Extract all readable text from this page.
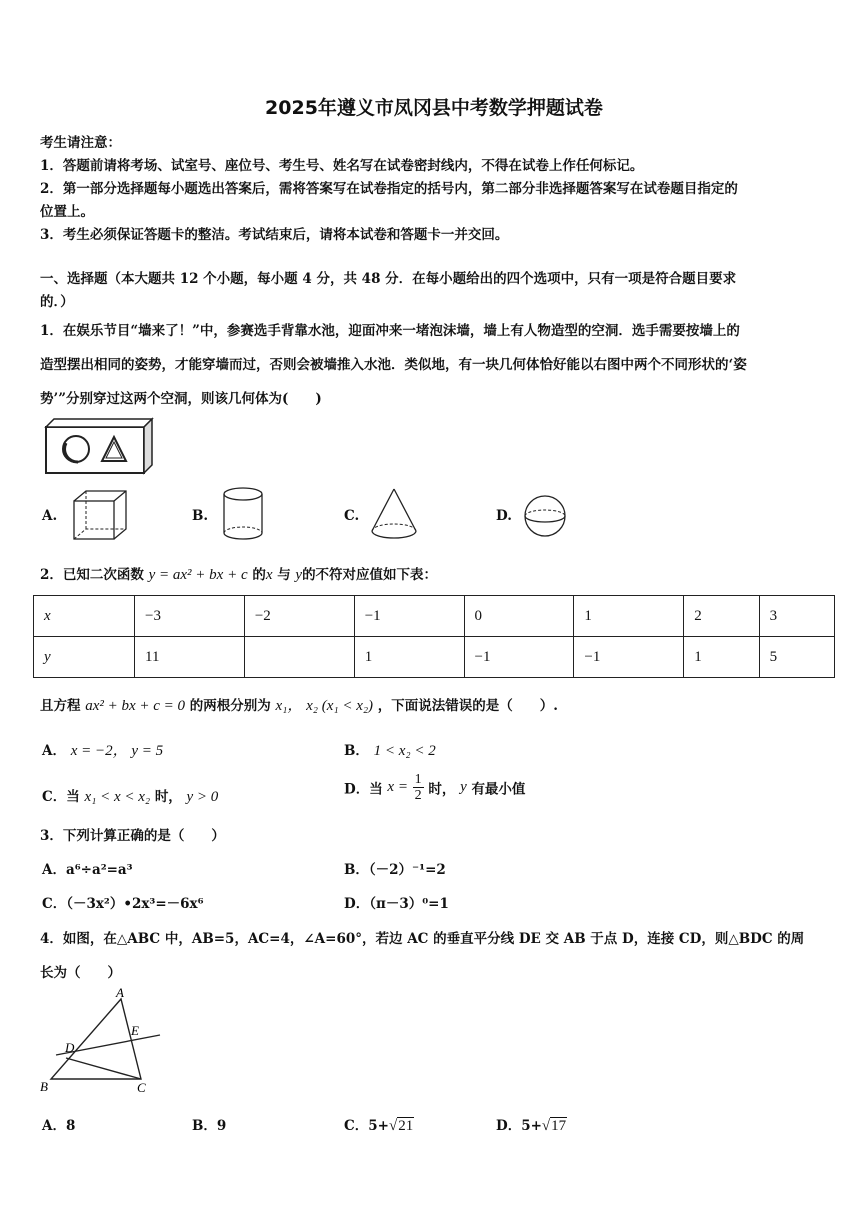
2025年遵义市凤冈县中考数学押题试卷
考生请注意：
1．答题前请将考场、试室号、座位号、考生号、姓名写在试卷密封线内，不得在试卷上作任何标记。
2．第一部分选择题每小题选出答案后，需将答案写在试卷指定的括号内，第二部分非选择题答案写在试卷题目指定的
位置上。
3．考生必须保证答题卡的整洁。考试结束后，请将本试卷和答题卡一并交回。
一、选择题（本大题共 12 个小题，每小题 4 分，共 48 分．在每小题给出的四个选项中，只有一项是符合题目要求
的．）
1．在娱乐节目“墙来了！”中，参赛选手背靠水池，迎面冲来一堵泡沫墙，墙上有人物造型的空洞．选手需要按墙上的
造型摆出相同的姿势，才能穿墙而过，否则会被墙推入水池．类似地，有一块几何体恰好能以右图中两个不同形状的‘姿
势’”分别穿过这两个空洞，则该几何体为(　　)
A.	B.	C.	D.
2．已知二次函数 y = ax² + bx + c 的x 与 y的不符对应值如下表：
x	−3	−2	−1	0	1	2	3
y	11		1	−1	−1	1	5
且方程 ax² + bx + c = 0 的两根分别为 x₁， x₂ (x₁ < x₂) ，下面说法错误的是（　　）.
A． x = −2， y = 5	B． 1 < x₂ < 2
C．当 x₁ < x < x₂ 时， y > 0	D．当 $x = \frac{1}{2}$ 时， y 有最小值
3．下列计算正确的是（　　）
A．a⁶÷a²=a³	B．（－2）⁻¹=2
C．（－3x²）•2x³=－6x⁶	D．（π－3）⁰=1
4．如图，在△ABC 中，AB=5，AC=4，∠A=60°，若边 AC 的垂直平分线 DE 交 AB 于点 D，连接 CD，则△BDC 的周
长为（　　）
A
B	C
D
E
A．8	B．9	C．5+√21	D．5+√17
